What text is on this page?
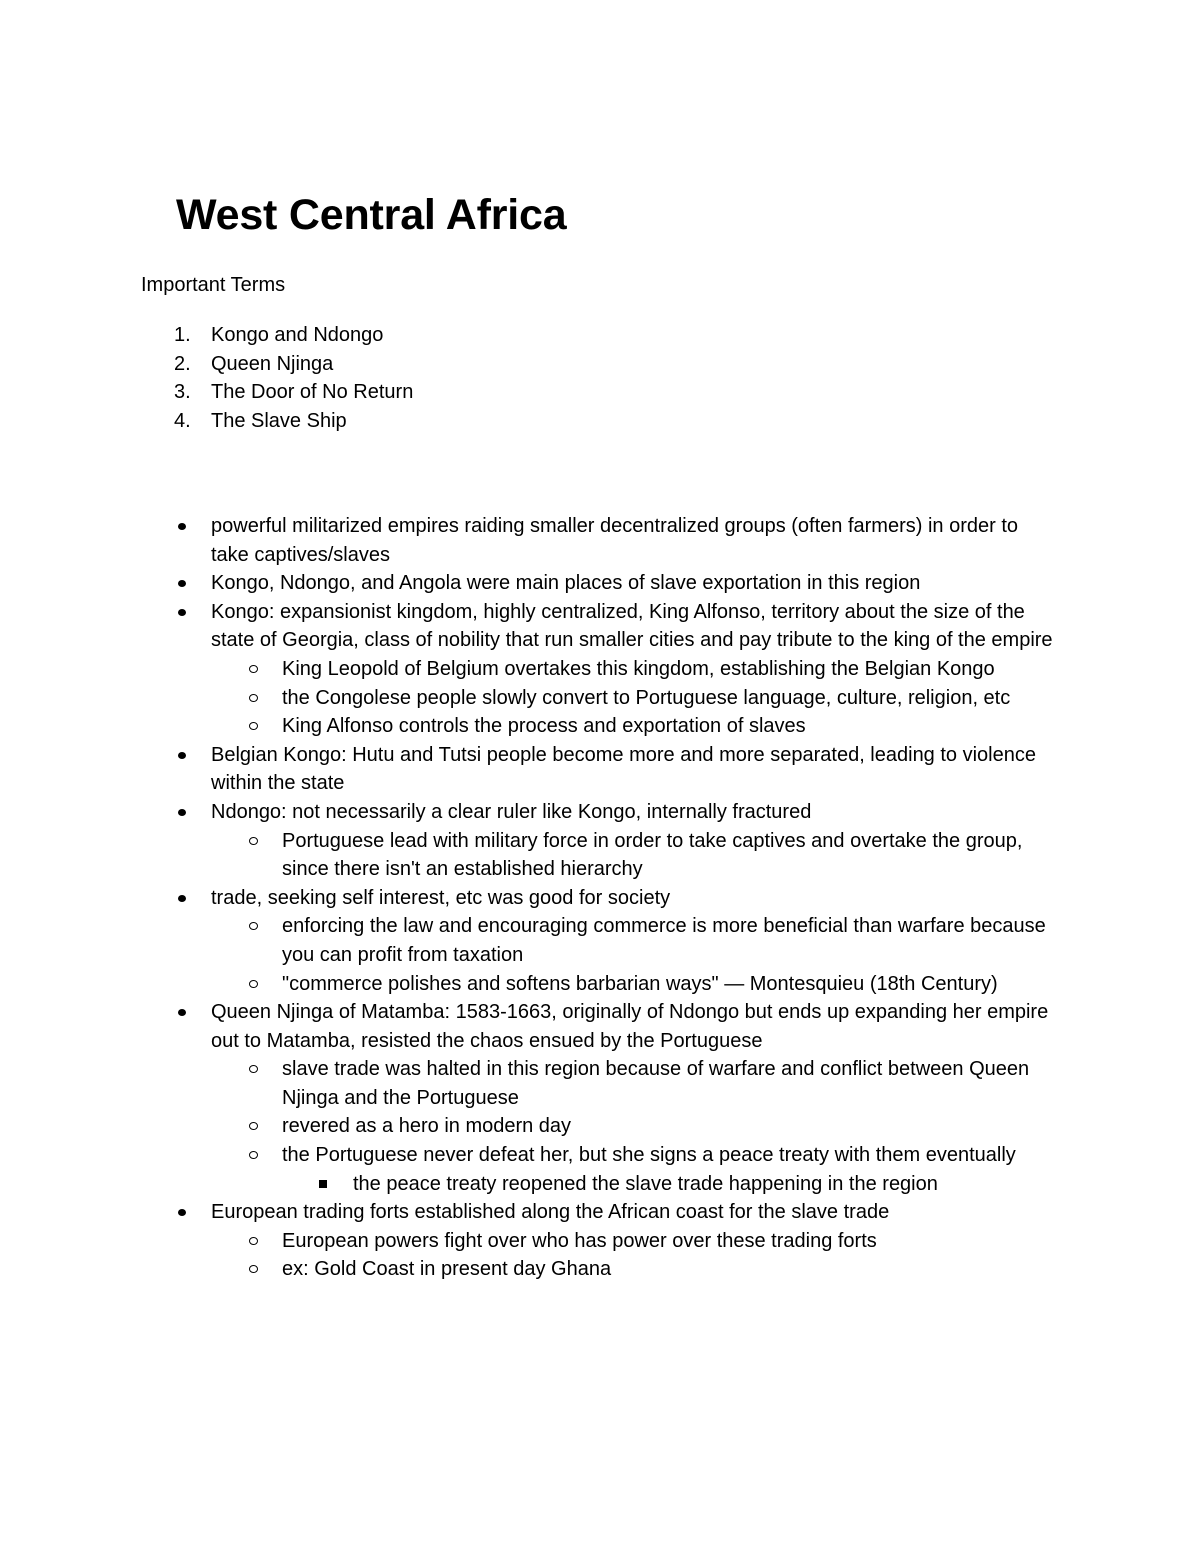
West Central Africa

Important Terms

1. Kongo and Ndongo
2. Queen Njinga
3. The Door of No Return
4. The Slave Ship
powerful militarized empires raiding smaller decentralized groups (often farmers) in order to take captives/slaves
Kongo, Ndongo, and Angola were main places of slave exportation in this region
Kongo: expansionist kingdom, highly centralized, King Alfonso, territory about the size of the state of Georgia, class of nobility that run smaller cities and pay tribute to the king of the empire
King Leopold of Belgium overtakes this kingdom, establishing the Belgian Kongo
the Congolese people slowly convert to Portuguese language, culture, religion, etc
King Alfonso controls the process and exportation of slaves
Belgian Kongo: Hutu and Tutsi people become more and more separated, leading to violence within the state
Ndongo: not necessarily a clear ruler like Kongo, internally fractured
Portuguese lead with military force in order to take captives and overtake the group, since there isn't an established hierarchy
trade, seeking self interest, etc was good for society
enforcing the law and encouraging commerce is more beneficial than warfare because you can profit from taxation
"commerce polishes and softens barbarian ways" — Montesquieu (18th Century)
Queen Njinga of Matamba: 1583-1663, originally of Ndongo but ends up expanding her empire out to Matamba, resisted the chaos ensued by the Portuguese
slave trade was halted in this region because of warfare and conflict between Queen Njinga and the Portuguese
revered as a hero in modern day
the Portuguese never defeat her, but she signs a peace treaty with them eventually
the peace treaty reopened the slave trade happening in the region
European trading forts established along the African coast for the slave trade
European powers fight over who has power over these trading forts
ex: Gold Coast in present day Ghana
